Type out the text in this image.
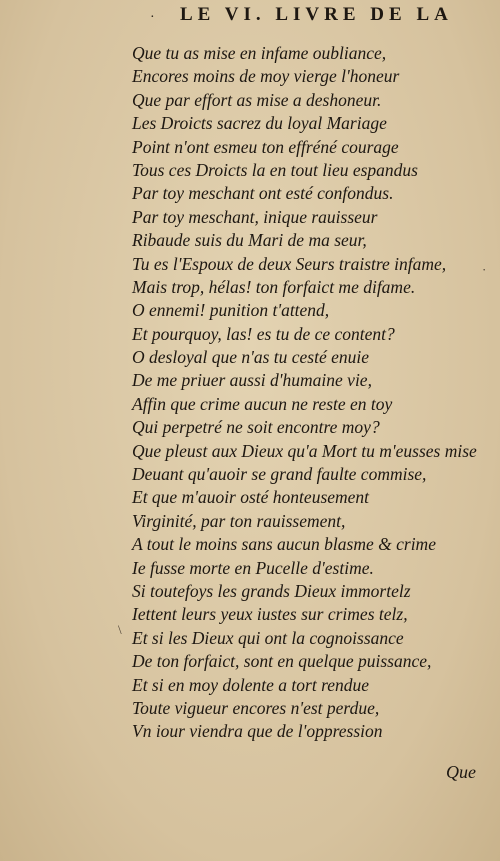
· LE VI. LIVRE DE LA
Que tu as mise en infame oubliance,
Encores moins de moy vierge l'honeur
Que par effort as mise a deshoneur.
Les Droicts sacrez du loyal Mariage
Point n'ont esmeu ton effréné courage
Tous ces Droicts la en tout lieu espandus
Par toy meschant ont esté confondus.
Par toy meschant, inique rauisseur
Ribaude suis du Mari de ma seur,
Tu es l'Espoux de deux Seurs traistre infame,
Mais trop, hélas! ton forfaict me difame.
O ennemi! punition t'attend,
Et pourquoy, las! es tu de ce content?
O desloyal que n'as tu cesté enuie
De me priuer aussi d'humaine vie,
Affin que crime aucun ne reste en toy
Qui perpetré ne soit encontre moy?
Que pleust aux Dieux qu'a Mort tu m'eusses mise
Deuant qu'auoir se grand faulte commise,
Et que m'auoir osté honteusement
Virginité, par ton rauissement,
A tout le moins sans aucun blasme & crime
Ie fusse morte en Pucelle d'estime.
Si toutefoys les grands Dieux immortelz
Iettent leurs yeux iustes sur crimes telz,
Et si les Dieux qui ont la cognoissance
De ton forfaict, sont en quelque puissance,
Et si en moy dolente a tort rendue
Toute vigueur encores n'est perdue,
Vn iour viendra que de l'oppression
·
\
Que
